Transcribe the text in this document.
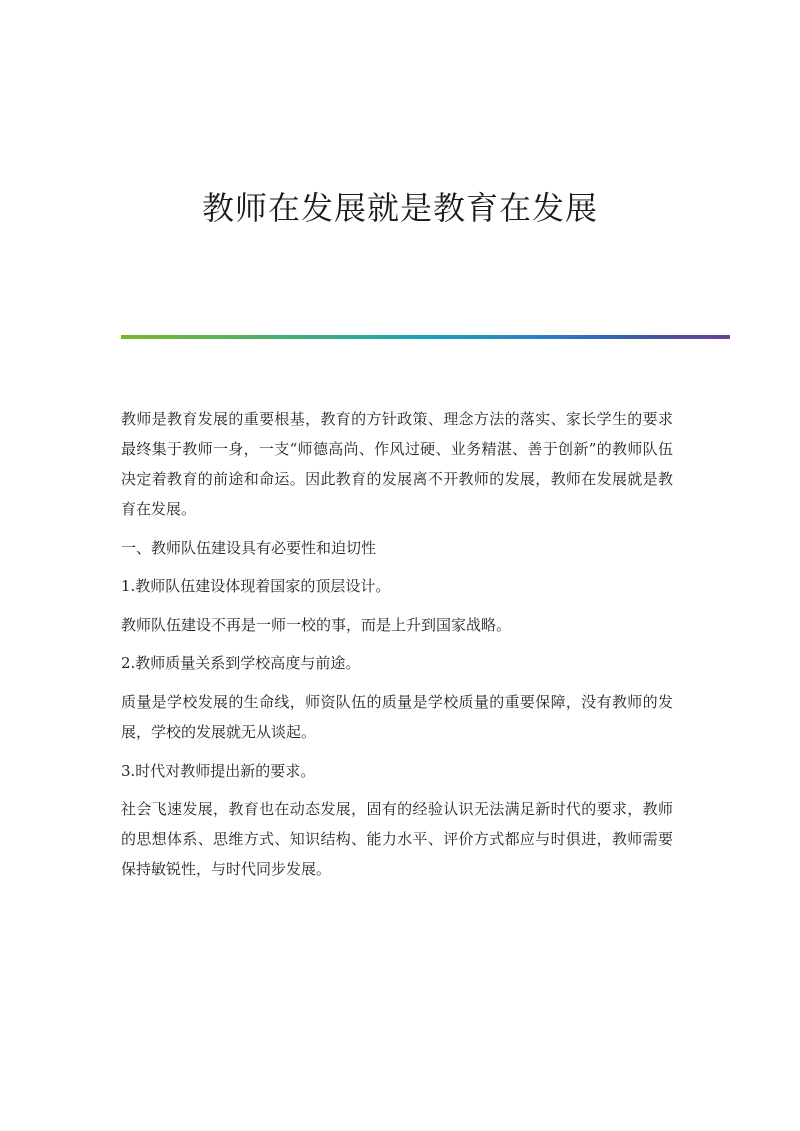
教师在发展就是教育在发展

教师是教育发展的重要根基，教育的方针政策、理念方法的落实、家长学生的要求最终集于教师一身，一支“师德高尚、作风过硬、业务精湛、善于创新”的教师队伍决定着教育的前途和命运。因此教育的发展离不开教师的发展，教师在发展就是教育在发展。

一、教师队伍建设具有必要性和迫切性

1.教师队伍建设体现着国家的顶层设计。

教师队伍建设不再是一师一校的事，而是上升到国家战略。

2.教师质量关系到学校高度与前途。

质量是学校发展的生命线，师资队伍的质量是学校质量的重要保障，没有教师的发展，学校的发展就无从谈起。

3.时代对教师提出新的要求。

社会飞速发展，教育也在动态发展，固有的经验认识无法满足新时代的要求，教师的思想体系、思维方式、知识结构、能力水平、评价方式都应与时俱进，教师需要保持敏锐性，与时代同步发展。
